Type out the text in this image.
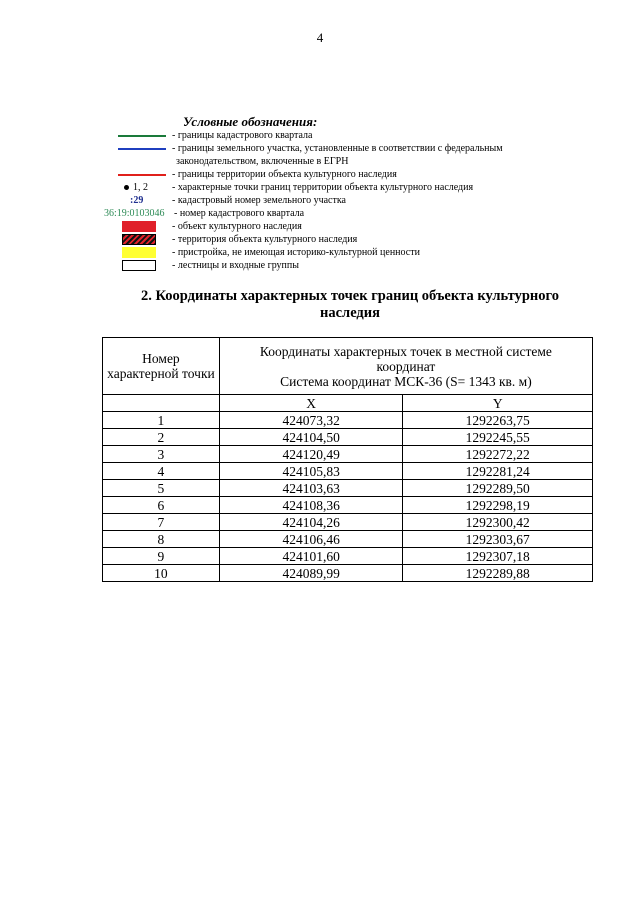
4
Условные обозначения:
- границы кадастрового квартала
- границы земельного участка, установленные в соответствии с федеральным
законодательством, включенные в ЕГРН
- границы территории объекта культурного наследия
1, 2 - характерные точки границ территории объекта культурного наследия
:29	- кадастровый номер земельного участка
36:19:0103046 - номер кадастрового квартала
- объект культурного наследия
- территория объекта культурного наследия
- пристройка, не имеющая историко-культурной ценности
- лестницы и входные группы
2. Координаты характерных точек границ объекта культурного
наследия
Номер характерной точки	Координаты характерных точек в местной системе
координат
Система координат МСК-36 (S= 1343 кв. м)	

	X	Y
1	424073,32	1292263,75
2	424104,50	1292245,55
3	424120,49	1292272,22
4	424105,83	1292281,24
5	424103,63	1292289,50
6	424108,36	1292298,19
7	424104,26	1292300,42
8	424106,46	1292303,67
9	424101,60	1292307,18
10	424089,99	1292289,88
